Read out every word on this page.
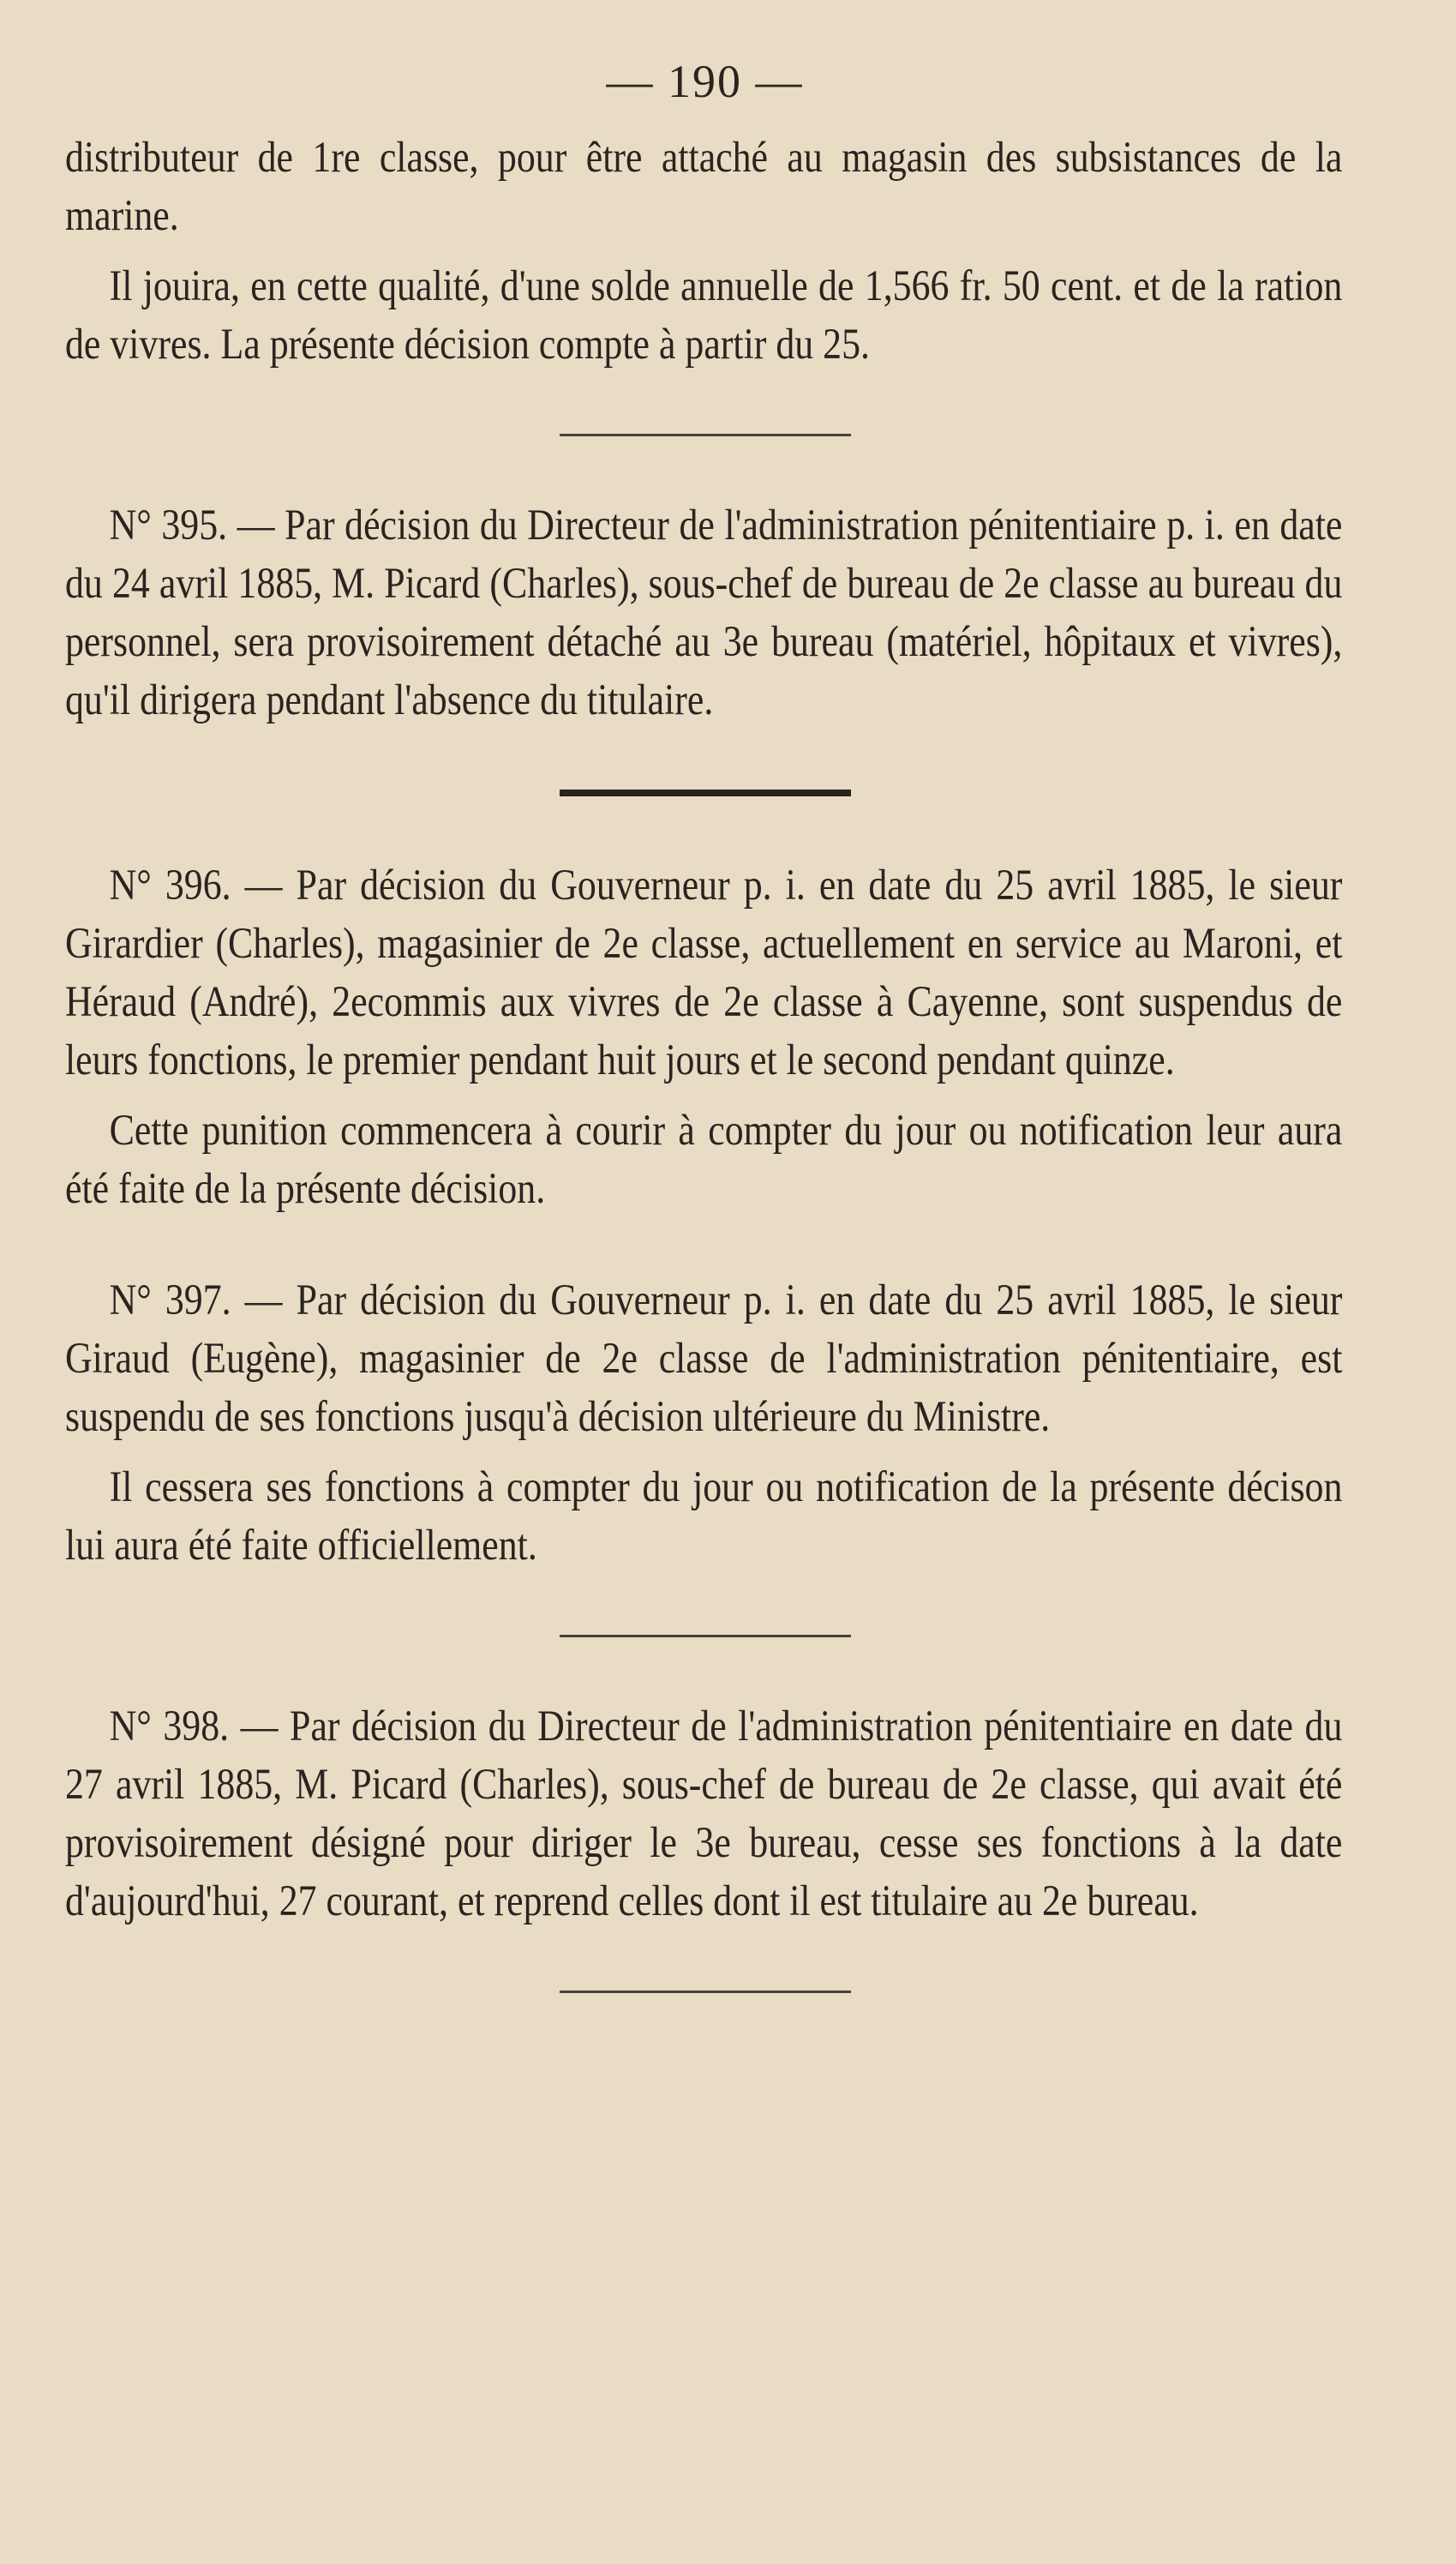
— 190 —

distributeur de 1re classe, pour être attaché au magasin des subsistances de la marine.

Il jouira, en cette qualité, d'une solde annuelle de 1,566 fr. 50 cent. et de la ration de vivres. La présente décision compte à partir du 25.

N° 395. — Par décision du Directeur de l'administration pénitentiaire p. i. en date du 24 avril 1885, M. Picard (Charles), sous-chef de bureau de 2e classe au bureau du personnel, sera provisoirement détaché au 3e bureau (matériel, hôpitaux et vivres), qu'il dirigera pendant l'absence du titulaire.

N° 396. — Par décision du Gouverneur p. i. en date du 25 avril 1885, le sieur Girardier (Charles), magasinier de 2e classe, actuellement en service au Maroni, et Héraud (André), 2ecommis aux vivres de 2e classe à Cayenne, sont suspendus de leurs fonctions, le premier pendant huit jours et le second pendant quinze.

Cette punition commencera à courir à compter du jour ou notification leur aura été faite de la présente décision.

N° 397. — Par décision du Gouverneur p. i. en date du 25 avril 1885, le sieur Giraud (Eugène), magasinier de 2e classe de l'administration pénitentiaire, est suspendu de ses fonctions jusqu'à décision ultérieure du Ministre.

Il cessera ses fonctions à compter du jour ou notification de la présente décison lui aura été faite officiellement.

N° 398. — Par décision du Directeur de l'administration pénitentiaire en date du 27 avril 1885, M. Picard (Charles), sous-chef de bureau de 2e classe, qui avait été provisoirement désigné pour diriger le 3e bureau, cesse ses fonctions à la date d'aujourd'hui, 27 courant, et reprend celles dont il est titulaire au 2e bureau.
